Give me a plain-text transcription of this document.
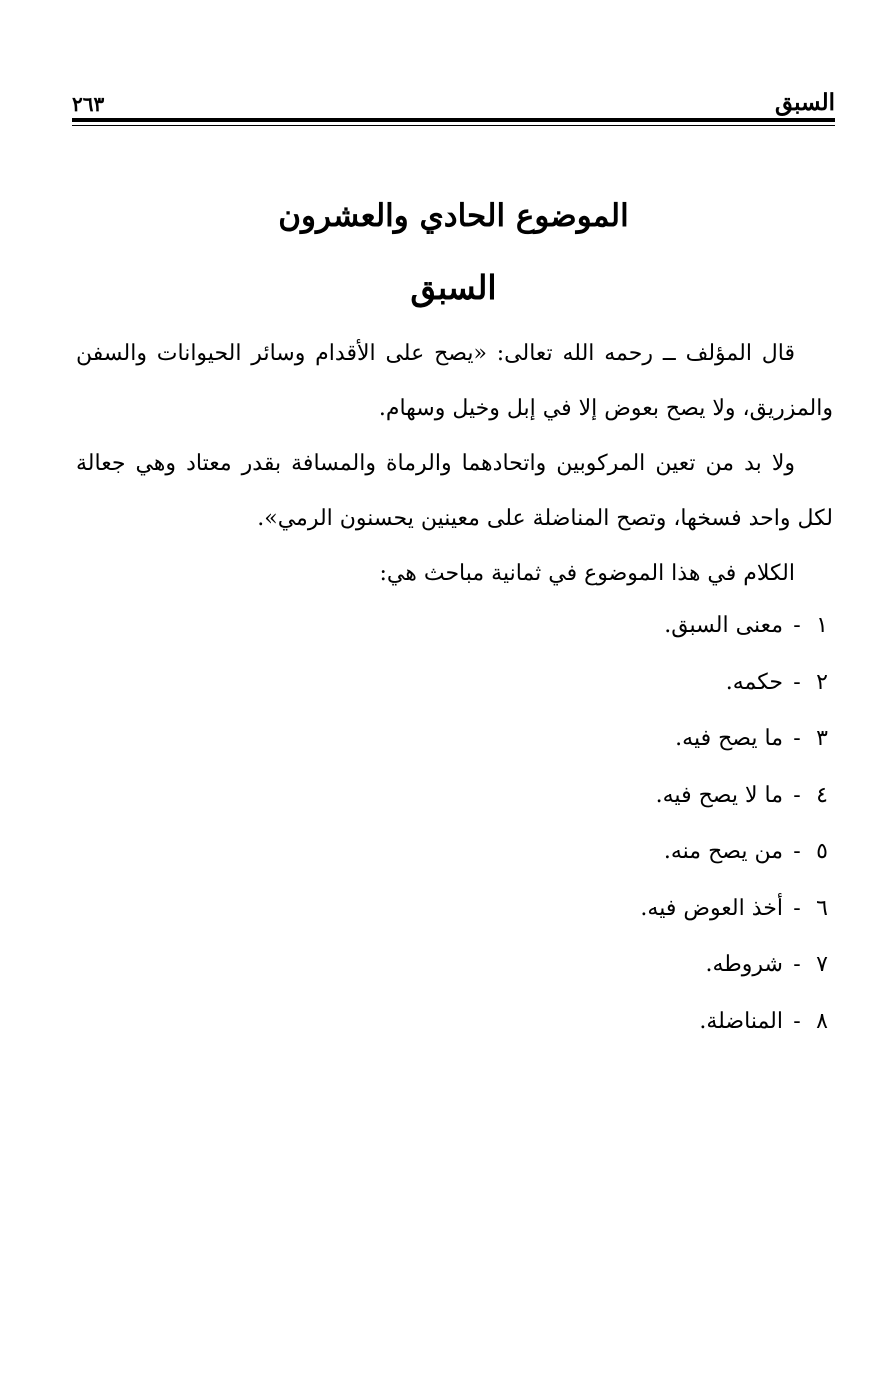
السبق
٢٦٣
الموضوع الحادي والعشرون
السبق

قال المؤلف ــ رحمه الله تعالى: «يصح على الأقدام وسائر الحيوانات والسفن والمزريق، ولا يصح بعوض إلا في إبل وخيل وسهام.

ولا بد من تعين المركوبين واتحادهما والرماة والمسافة بقدر معتاد وهي جعالة لكل واحد فسخها، وتصح المناضلة على معينين يحسنون الرمي».

الكلام في هذا الموضوع في ثمانية مباحث هي:

١
-
معنى السبق.
٢
-
حكمه.
٣
-
ما يصح فيه.
٤
-
ما لا يصح فيه.
٥
-
من يصح منه.
٦
-
أخذ العوض فيه.
٧
-
شروطه.
٨
-
المناضلة.
